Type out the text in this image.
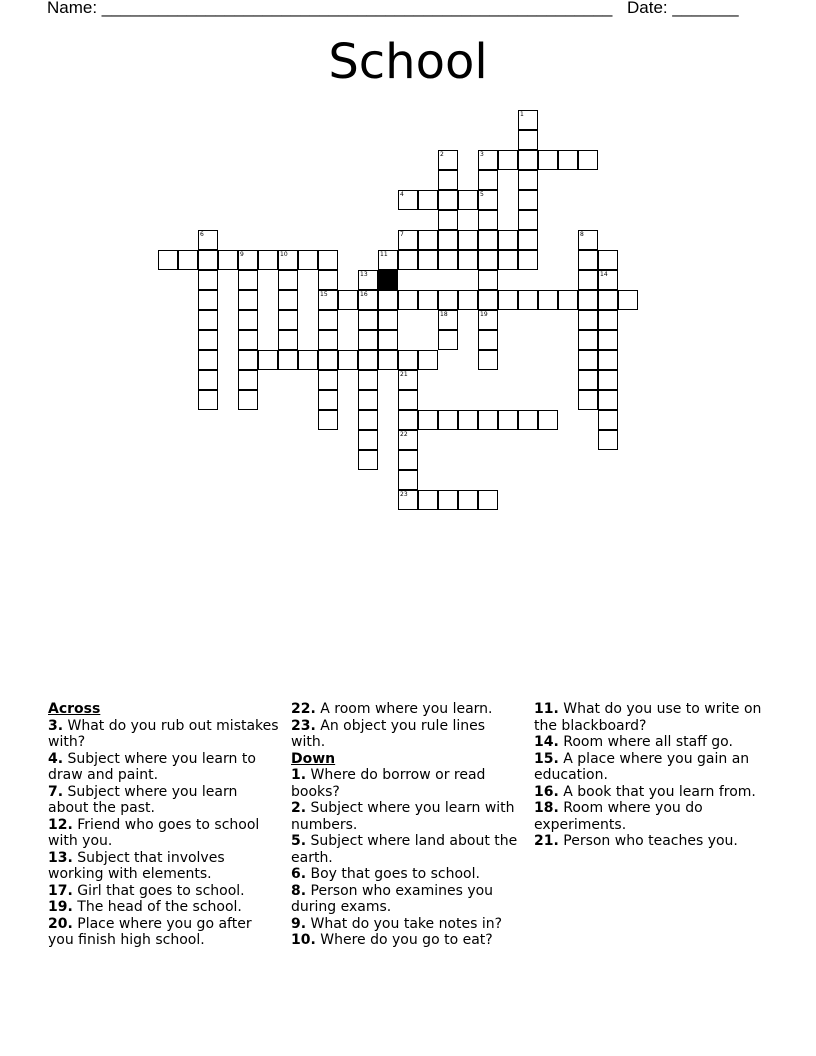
Name: ______________________________________________________ Date: _______
School
1
2	3
4	5
7
6
9	10
19
8
11
14
15	16
13
18
21
22
23
Across
3. What do you rub out mistakes with?
4. Subject where you learn to draw and paint.
7. Subject where you learn about the past.
12. Friend who goes to school with you.
13. Subject that involves working with elements.
17. Girl that goes to school.
19. The head of the school.
20. Place where you go after you finish high school.
22. A room where you learn.
23. An object you rule lines with.
Down
1. Where do borrow or read books?
2. Subject where you learn with numbers.
5. Subject where land about the earth.
6. Boy that goes to school.
8. Person who examines you during exams.
9. What do you take notes in?
10. Where do you go to eat?
11. What do you use to write on the blackboard?
14. Room where all staff go.
15. A place where you gain an education.
16. A book that you learn from.
18. Room where you do experiments.
21. Person who teaches you.
